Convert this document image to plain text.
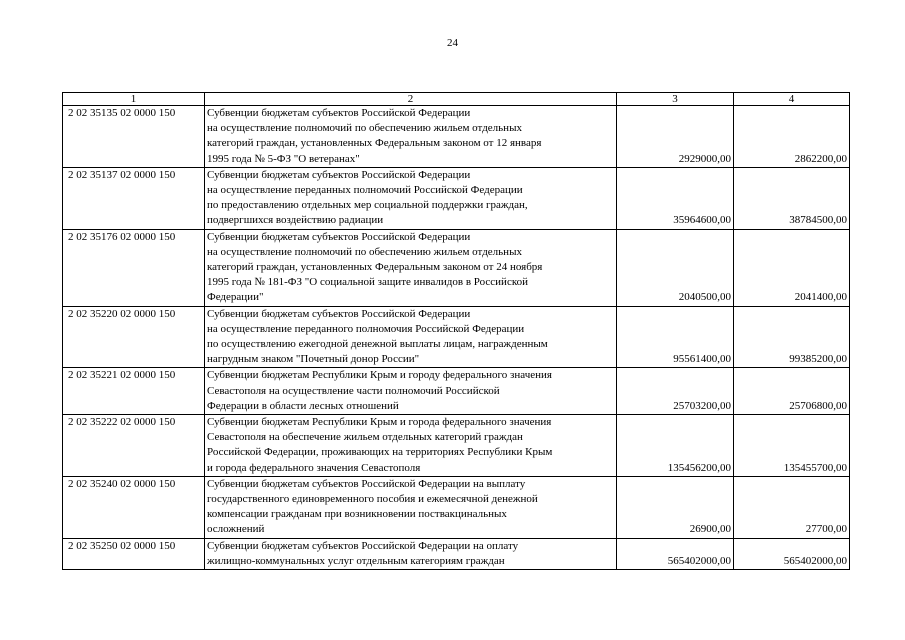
24
1	2	3	4
2 02 35135 02 0000 150	Субвенции бюджетам субъектов Российской Федерации
на осуществление полномочий по обеспечению жильем отдельных
категорий граждан, установленных Федеральным законом от 12 января
1995 года № 5-ФЗ "О ветеранах"	2929000,00	2862200,00
2 02 35137 02 0000 150	Субвенции бюджетам субъектов Российской Федерации
на осуществление переданных полномочий Российской Федерации
по предоставлению отдельных мер социальной поддержки граждан,
подвергшихся воздействию радиации	35964600,00	38784500,00
2 02 35176 02 0000 150	Субвенции бюджетам субъектов Российской Федерации
на осуществление полномочий по обеспечению жильем отдельных
категорий граждан, установленных Федеральным законом от 24 ноября
1995 года № 181-ФЗ "О социальной защите инвалидов в Российской
Федерации"	2040500,00	2041400,00
2 02 35220 02 0000 150	Субвенции бюджетам субъектов Российской Федерации
на осуществление переданного полномочия Российской Федерации
по осуществлению ежегодной денежной выплаты лицам, награжденным
нагрудным знаком "Почетный донор России"	95561400,00	99385200,00
2 02 35221 02 0000 150	Субвенции бюджетам Республики Крым и городу федерального значения
Севастополя на осуществление части полномочий Российской
Федерации в области лесных отношений	25703200,00	25706800,00
2 02 35222 02 0000 150	Субвенции бюджетам Республики Крым и города федерального значения
Севастополя на обеспечение жильем отдельных категорий граждан
Российской Федерации, проживающих на территориях Республики Крым
и города федерального значения Севастополя	135456200,00	135455700,00
2 02 35240 02 0000 150	Субвенции бюджетам субъектов Российской Федерации на выплату
государственного единовременного пособия и ежемесячной денежной
компенсации гражданам при возникновении поствакцинальных
осложнений	26900,00	27700,00
2 02 35250 02 0000 150	Субвенции бюджетам субъектов Российской Федерации на оплату
жилищно-коммунальных услуг отдельным категориям граждан	565402000,00	565402000,00
